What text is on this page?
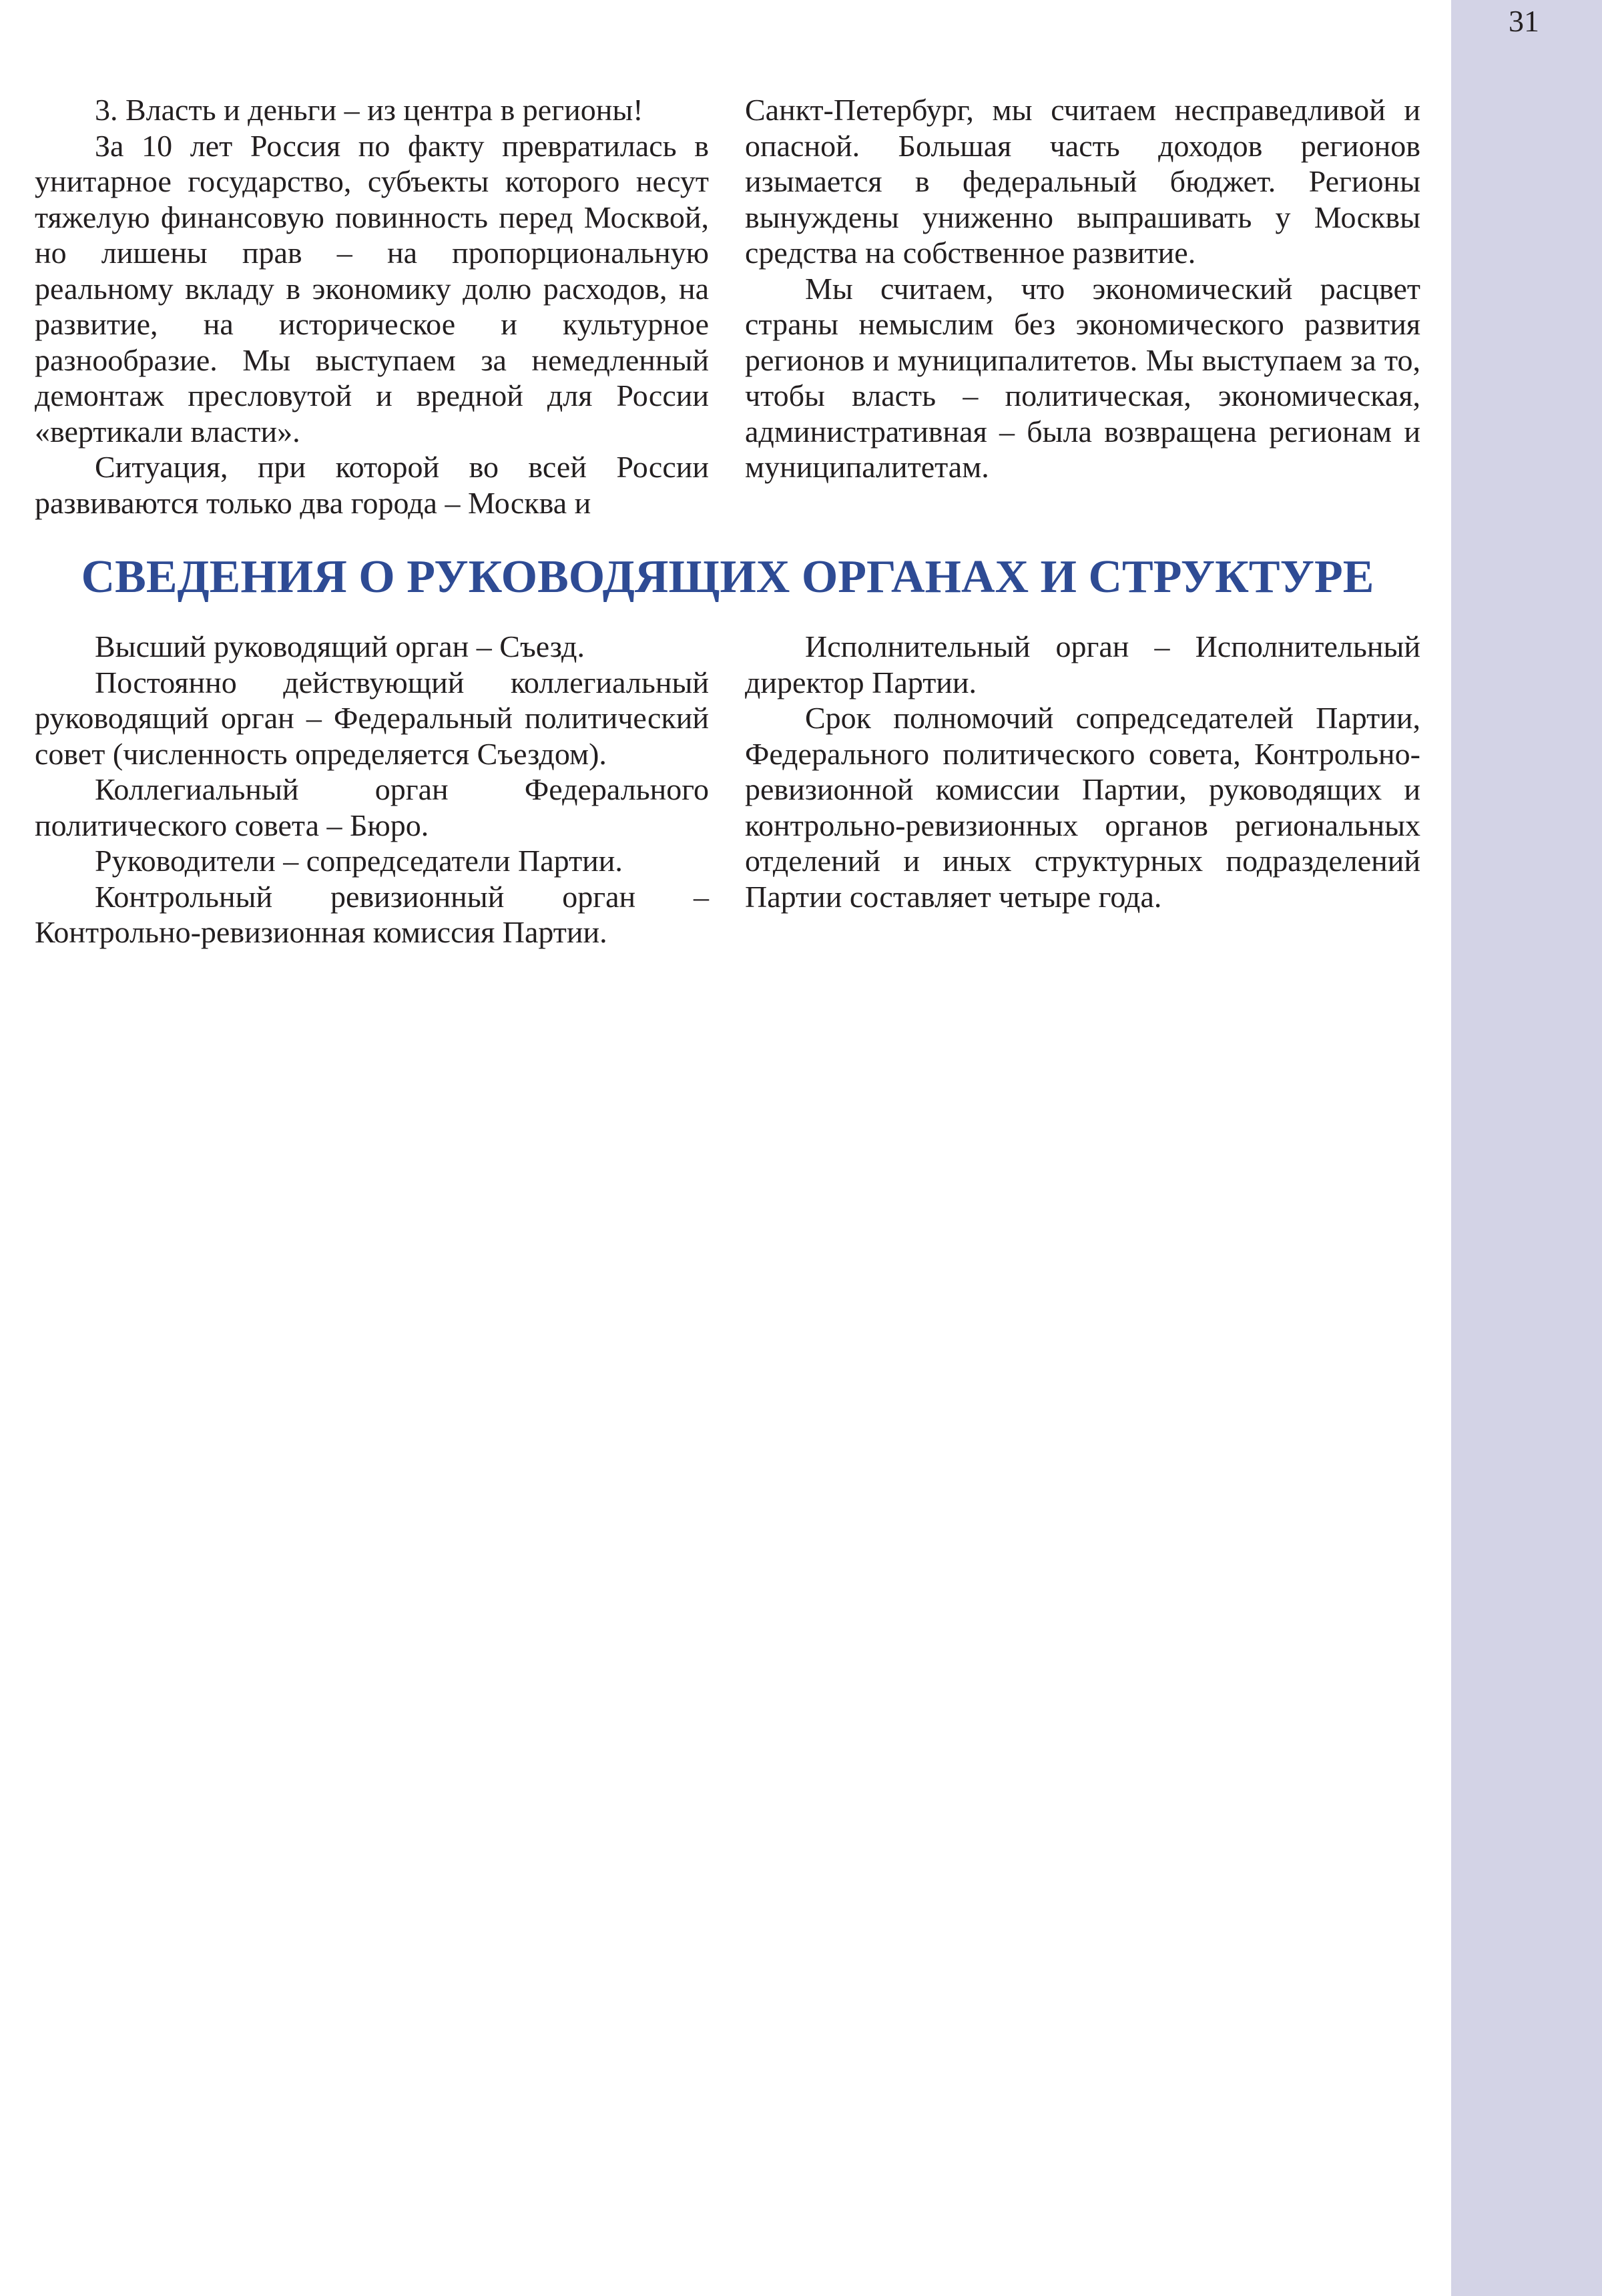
31

3. Власть и деньги – из центра в регионы!

За 10 лет Россия по факту превратилась в унитарное государство, субъекты которого несут тяжелую финансовую повинность перед Москвой, но лишены прав – на пропорциональную реальному вкладу в экономику долю расходов, на развитие, на историческое и культурное разнообразие. Мы выступаем за немедленный демонтаж пресловутой и вредной для России «вертикали власти».

Ситуация, при которой во всей России развиваются только два города – Москва и

Санкт-Петербург, мы считаем несправедливой и опасной. Большая часть доходов регионов изымается в федеральный бюджет. Регионы вынуждены униженно выпрашивать у Москвы средства на собственное развитие.

Мы считаем, что экономический расцвет страны немыслим без экономического развития регионов и муниципалитетов. Мы выступаем за то, чтобы власть – политическая, экономическая, административная – была возвращена регионам и муниципалитетам.

СВЕДЕНИЯ О РУКОВОДЯЩИХ ОРГАНАХ И СТРУКТУРЕ

Высший руководящий орган – Съезд.

Постоянно действующий коллегиальный руководящий орган – Федеральный политический совет (численность определяется Съездом).

Коллегиальный орган Федерального политического совета – Бюро.

Руководители – сопредседатели Партии.

Контрольный ревизионный орган – Контрольно-ревизионная комиссия Партии.

Исполнительный орган – Исполнительный директор Партии.

Срок полномочий сопредседателей Партии, Федерального политического совета, Контрольно-ревизионной комиссии Партии, руководящих и контрольно-ревизионных органов региональных отделений и иных структурных подразделений Партии составляет четыре года.
